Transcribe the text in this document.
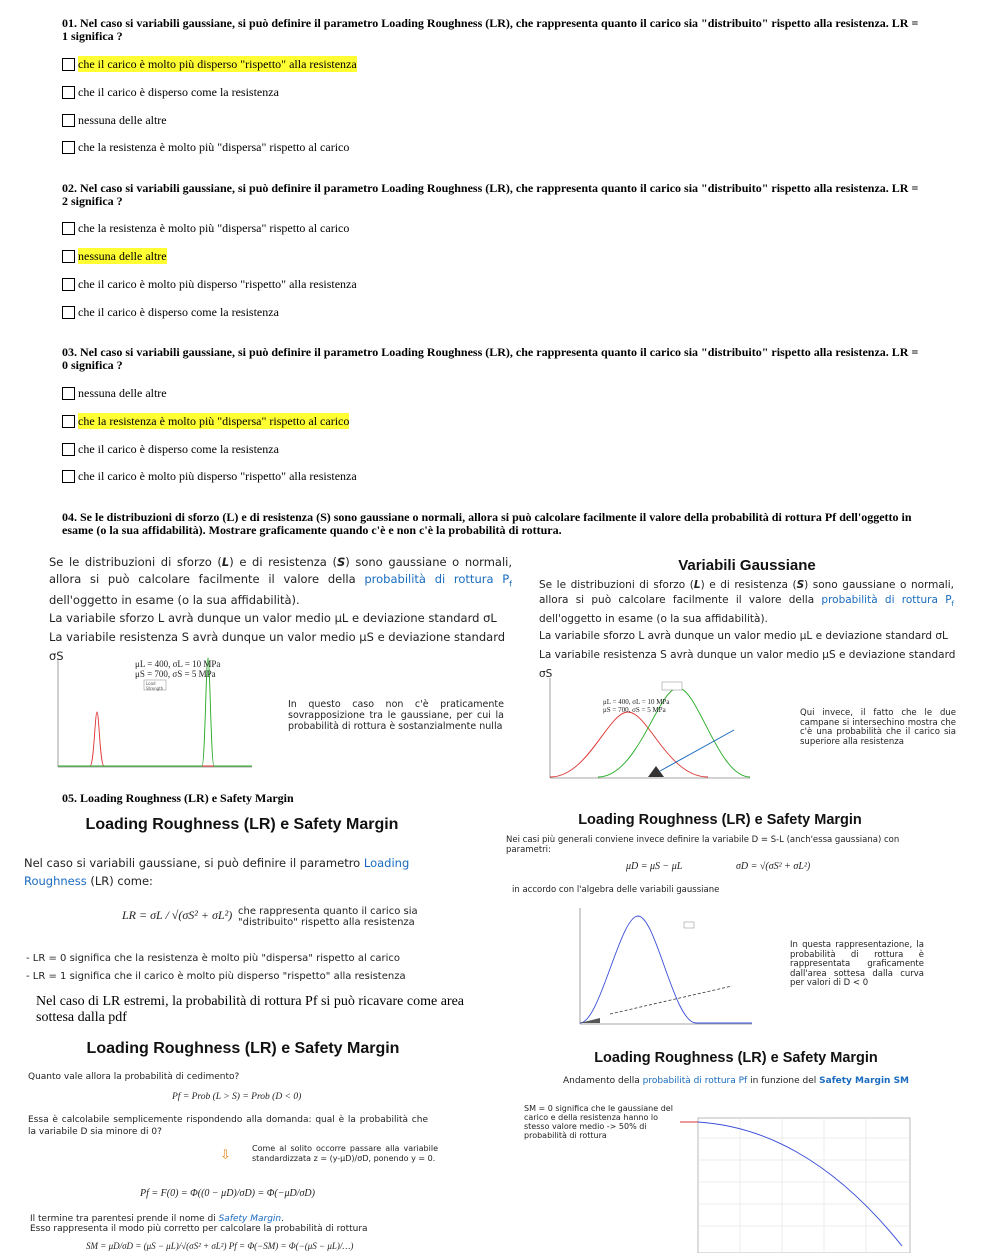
01. Nel caso si variabili gaussiane, si può definire il parametro Loading Roughness (LR), che rappresenta quanto il carico sia "distribuito" rispetto alla resistenza. LR = 1 significa ?
che il carico è molto più disperso "rispetto" alla resistenza
che il carico è disperso come la resistenza
nessuna delle altre
che la resistenza è molto più "dispersa" rispetto al carico
02. Nel caso si variabili gaussiane, si può definire il parametro Loading Roughness (LR), che rappresenta quanto il carico sia "distribuito" rispetto alla resistenza. LR = 2 significa ?
che la resistenza è molto più "dispersa" rispetto al carico
nessuna delle altre
che il carico è molto più disperso "rispetto" alla resistenza
che il carico è disperso come la resistenza
03. Nel caso si variabili gaussiane, si può definire il parametro Loading Roughness (LR), che rappresenta quanto il carico sia "distribuito" rispetto alla resistenza. LR = 0 significa ?
nessuna delle altre
che la resistenza è molto più "dispersa" rispetto al carico
che il carico è disperso come la resistenza
che il carico è molto più disperso "rispetto" alla resistenza
04. Se le distribuzioni di sforzo (L) e di resistenza (S) sono gaussiane o normali, allora si può calcolare facilmente il valore della probabilità di rottura Pf dell'oggetto in esame (o la sua affidabilità). Mostrare graficamente quando c'è e non c'è la probabilità di rottura.
Se le distribuzioni di sforzo (L) e di resistenza (S) sono gaussiane o normali, allora si può calcolare facilmente il valore della probabilità di rottura $P_f$ dell'oggetto in esame (o la sua affidabilità).
La variabile sforzo L avrà dunque un valor medio μL e deviazione standard σL
La variabile resistenza S avrà dunque un valor medio μS e deviazione standard σS
μL = 400, σL = 10 MPa
μS = 700, σS = 5 MPa
Load
Strength
In questo caso non c'è praticamente sovrapposizione tra le gaussiane, per cui la probabilità di rottura è sostanzialmente nulla
Variabili Gaussiane
Se le distribuzioni di sforzo (L) e di resistenza (S) sono gaussiane o normali, allora si può calcolare facilmente il valore della probabilità di rottura $P_f$ dell'oggetto in esame (o la sua affidabilità).
La variabile sforzo L avrà dunque un valor medio μL e deviazione standard σL
La variabile resistenza S avrà dunque un valor medio μS e deviazione standard σS
μL = 400, σL = 10 MPa
μS = 700, σS = 5 MPa	Qui invece, il fatto che le due campane si intersechino mostra che c'è una probabilità che il carico sia superiore alla resistenza
05. Loading Roughness (LR) e Safety Margin
Loading Roughness (LR) e Safety Margin
Nel caso si variabili gaussiane, si può definire il parametro Loading Roughness (LR) come:
LR = σL / √(σS² + σL²) che rappresenta quanto il carico sia "distribuito" rispetto alla resistenza
- LR = 0 significa che la resistenza è molto più "dispersa" rispetto al carico
- LR = 1 significa che il carico è molto più disperso "rispetto" alla resistenza
Loading Roughness (LR) e Safety Margin
Nei casi più generali conviene invece definire la variabile D = S-L (anch'essa gaussiana) con parametri:
μD = μS − μL	σD = √(σS² + σL²)
in accordo con l'algebra delle variabili gaussiane
In questa rappresentazione, la probabilità di rottura è rappresentata graficamente dall'area sottesa dalla curva per valori di D < 0
Nel caso di LR estremi, la probabilità di rottura Pf si può ricavare come area sottesa dalla pdf
Loading Roughness (LR) e Safety Margin
Quanto vale allora la probabilità di cedimento?
Pf = Prob (L > S) = Prob (D < 0)
Essa è calcolabile semplicemente rispondendo alla domanda: qual è la probabilità che la variabile D sia minore di 0?
⇩	Come al solito occorre passare alla variabile standardizzata z = (y-μD)/σD, ponendo y = 0.
Pf = F(0) = Φ((0 − μD)/σD) = Φ(−μD/σD)
Il termine tra parentesi prende il nome di Safety Margin.
Esso rappresenta il modo più corretto per calcolare la probabilità di rottura
SM = μD/σD = (μS − μL)/√(σS² + σL²) Pf = Φ(−SM) = Φ(−(μS − μL)/…)
Loading Roughness (LR) e Safety Margin
Andamento della probabilità di rottura Pf in funzione del Safety Margin SM
SM = 0 significa che le gaussiane del carico e della resistenza hanno lo stesso valore medio -> 50% di probabilità di rottura
